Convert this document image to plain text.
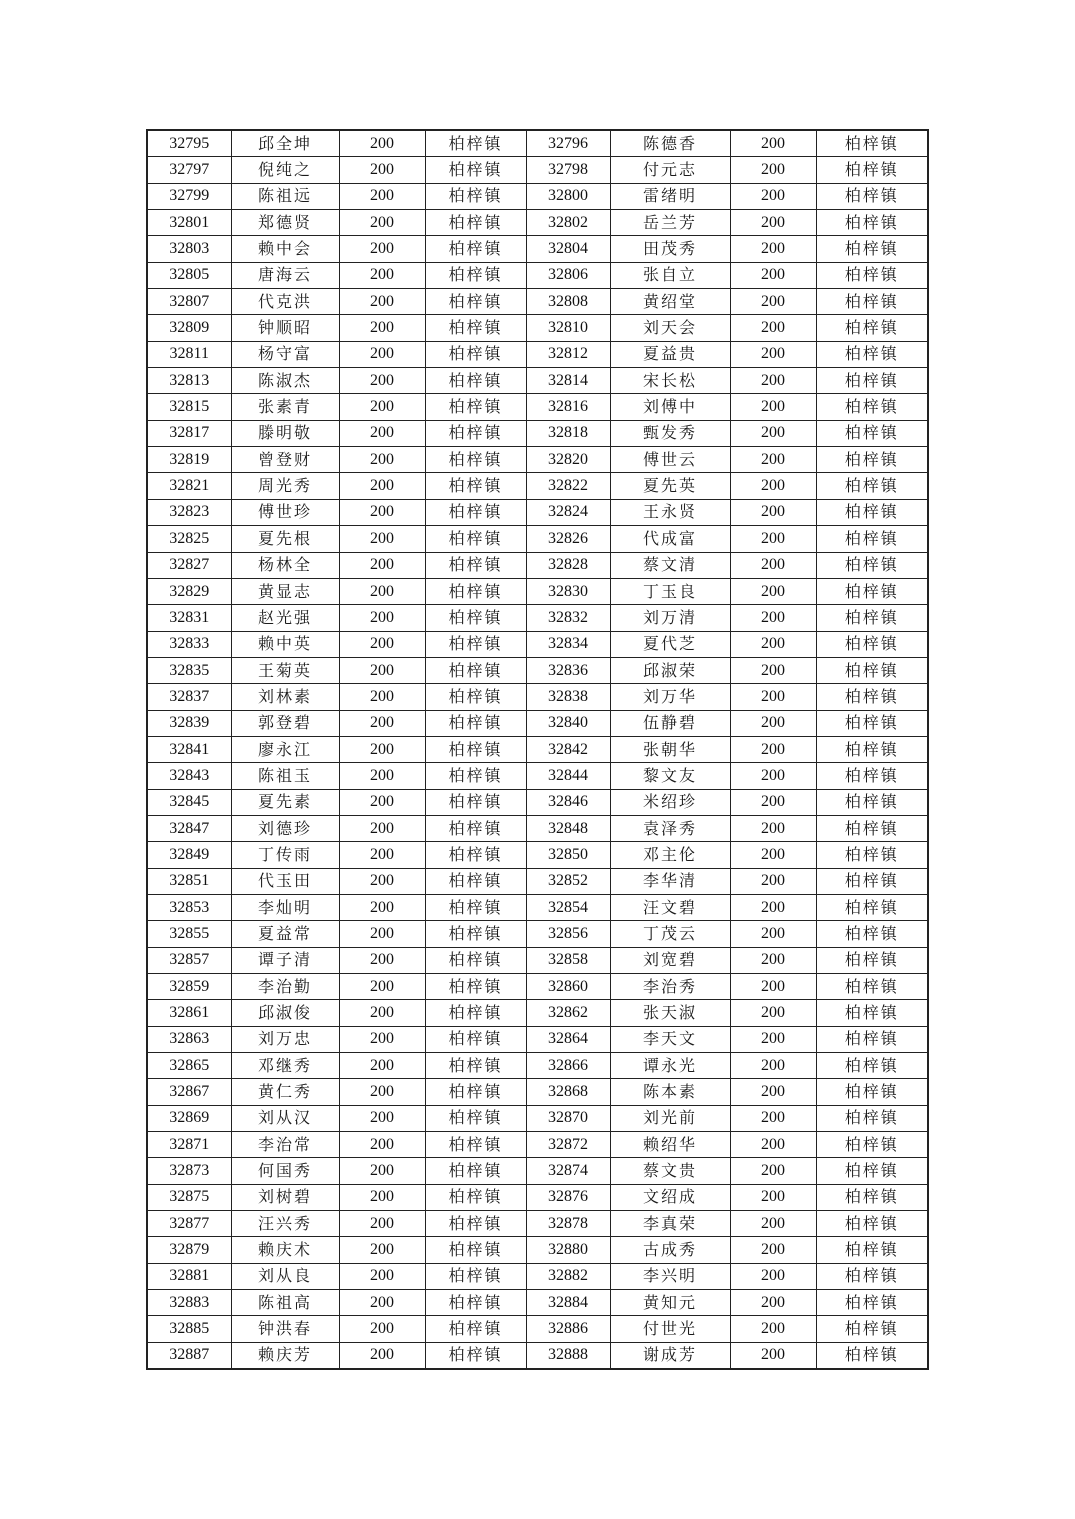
32795	邱全坤	200	柏梓镇	32796	陈德香	200	柏梓镇
32797	倪纯之	200	柏梓镇	32798	付元志	200	柏梓镇
32799	陈祖远	200	柏梓镇	32800	雷绪明	200	柏梓镇
32801	郑德贤	200	柏梓镇	32802	岳兰芳	200	柏梓镇
32803	赖中会	200	柏梓镇	32804	田茂秀	200	柏梓镇
32805	唐海云	200	柏梓镇	32806	张自立	200	柏梓镇
32807	代克洪	200	柏梓镇	32808	黄绍堂	200	柏梓镇
32809	钟顺昭	200	柏梓镇	32810	刘天会	200	柏梓镇
32811	杨守富	200	柏梓镇	32812	夏益贵	200	柏梓镇
32813	陈淑杰	200	柏梓镇	32814	宋长松	200	柏梓镇
32815	张素青	200	柏梓镇	32816	刘傅中	200	柏梓镇
32817	滕明敬	200	柏梓镇	32818	甄发秀	200	柏梓镇
32819	曾登财	200	柏梓镇	32820	傅世云	200	柏梓镇
32821	周光秀	200	柏梓镇	32822	夏先英	200	柏梓镇
32823	傅世珍	200	柏梓镇	32824	王永贤	200	柏梓镇
32825	夏先根	200	柏梓镇	32826	代成富	200	柏梓镇
32827	杨林全	200	柏梓镇	32828	蔡文清	200	柏梓镇
32829	黄显志	200	柏梓镇	32830	丁玉良	200	柏梓镇
32831	赵光强	200	柏梓镇	32832	刘万清	200	柏梓镇
32833	赖中英	200	柏梓镇	32834	夏代芝	200	柏梓镇
32835	王菊英	200	柏梓镇	32836	邱淑荣	200	柏梓镇
32837	刘林素	200	柏梓镇	32838	刘万华	200	柏梓镇
32839	郭登碧	200	柏梓镇	32840	伍静碧	200	柏梓镇
32841	廖永江	200	柏梓镇	32842	张朝华	200	柏梓镇
32843	陈祖玉	200	柏梓镇	32844	黎文友	200	柏梓镇
32845	夏先素	200	柏梓镇	32846	米绍珍	200	柏梓镇
32847	刘德珍	200	柏梓镇	32848	袁泽秀	200	柏梓镇
32849	丁传雨	200	柏梓镇	32850	邓主伦	200	柏梓镇
32851	代玉田	200	柏梓镇	32852	李华清	200	柏梓镇
32853	李灿明	200	柏梓镇	32854	汪文碧	200	柏梓镇
32855	夏益常	200	柏梓镇	32856	丁茂云	200	柏梓镇
32857	谭子清	200	柏梓镇	32858	刘宽碧	200	柏梓镇
32859	李治勤	200	柏梓镇	32860	李治秀	200	柏梓镇
32861	邱淑俊	200	柏梓镇	32862	张天淑	200	柏梓镇
32863	刘万忠	200	柏梓镇	32864	李天文	200	柏梓镇
32865	邓继秀	200	柏梓镇	32866	谭永光	200	柏梓镇
32867	黄仁秀	200	柏梓镇	32868	陈本素	200	柏梓镇
32869	刘从汉	200	柏梓镇	32870	刘光前	200	柏梓镇
32871	李治常	200	柏梓镇	32872	赖绍华	200	柏梓镇
32873	何国秀	200	柏梓镇	32874	蔡文贵	200	柏梓镇
32875	刘树碧	200	柏梓镇	32876	文绍成	200	柏梓镇
32877	汪兴秀	200	柏梓镇	32878	李真荣	200	柏梓镇
32879	赖庆术	200	柏梓镇	32880	古成秀	200	柏梓镇
32881	刘从良	200	柏梓镇	32882	李兴明	200	柏梓镇
32883	陈祖高	200	柏梓镇	32884	黄知元	200	柏梓镇
32885	钟洪春	200	柏梓镇	32886	付世光	200	柏梓镇
32887	赖庆芳	200	柏梓镇	32888	谢成芳	200	柏梓镇
